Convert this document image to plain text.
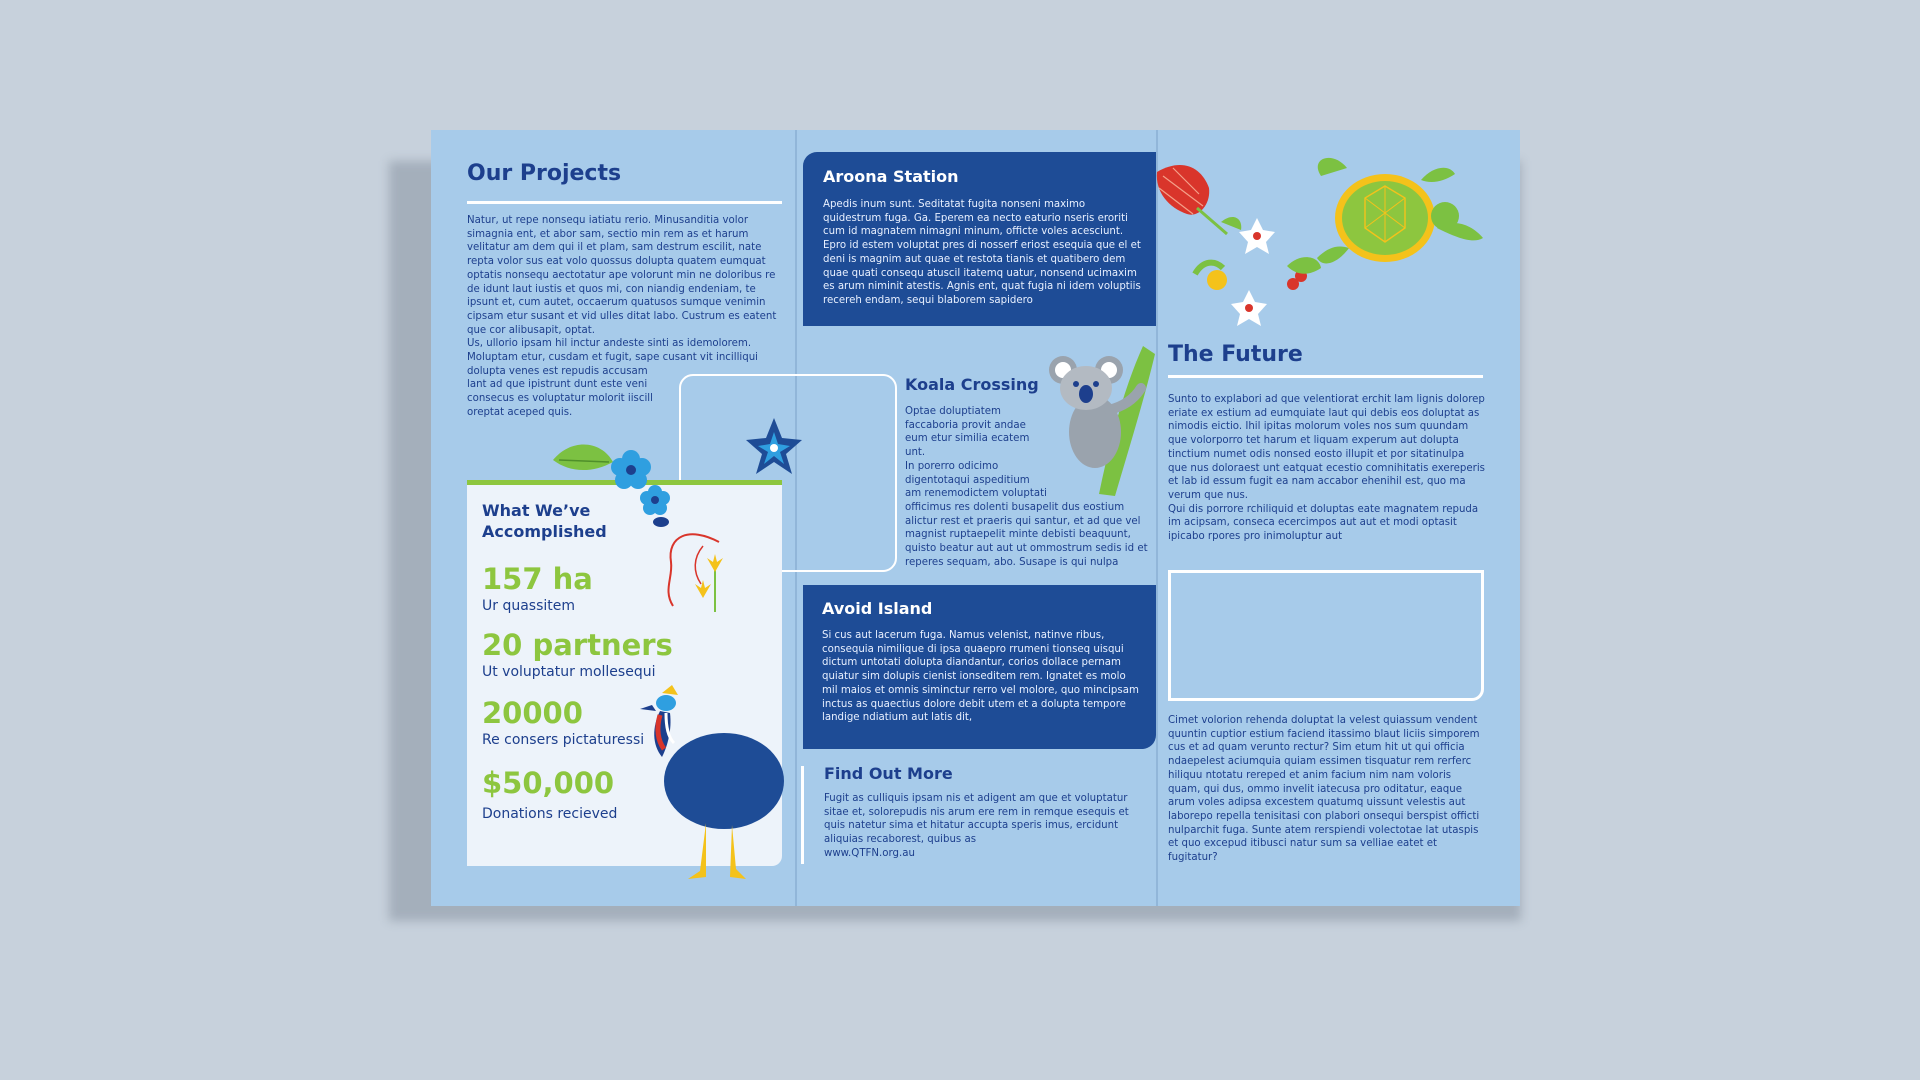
Our Projects

Natur, ut repe nonsequ iatiatu rerio. Minusanditia volor simagnia ent, et abor sam, sectio min rem as et harum velitatur am dem qui il et plam, sam destrum escilit, nate repta volor sus eat volo quossus dolupta quatem eumquat optatis nonsequ aectotatur ape volorunt min ne doloribus re de idunt laut iustis et quos mi, con niandig endeniam, te ipsunt et, cum autet, occaerum quatusos sumque venimin cipsam etur susant et vid ulles ditat labo. Custrum es eatent que cor alibusapit, optat.
Us, ullorio ipsam hil inctur andeste sinti as idemolorem. Moluptam etur, cusdam et fugit, sape cusant vit incilliqui dolupta venes est repudis accusam
lant ad que ipistrunt dunt este veni
consecus es voluptatur molorit iiscill
oreptat aceped quis.

What We’ve
Accomplished
157 ha
Ur quassitem
20 partners
Ut voluptatur mollesequi
20000
Re consers pictaturessi
$50,000
Donations recieved
Aroona Station

Apedis inum sunt. Seditatat fugita nonseni maximo quidestrum fuga. Ga. Eperem ea necto eaturio nseris eroriti cum id magnatem nimagni minum, officte voles acesciunt.
Epro id estem voluptat pres di nosserf eriost esequia que el et deni is magnim aut quae et restota tianis et quatibero dem quae quati consequ atuscil itatemq uatur, nonsend ucimaxim es arum niminit atestis. Agnis ent, quat fugia ni idem voluptiis recereh endam, sequi blaborem sapidero

Koala Crossing

Optae doluptiatem
faccaboria provit andae
eum etur similia ecatem
unt.
In porerro odicimo
digentotaqui aspeditium
am renemodictem voluptati

officimus res dolenti busapelit dus eostium alictur rest et praeris qui santur, et ad que vel magnist ruptaepelit minte debisti beaquunt, quisto beatur aut aut ut ommostrum sedis id et reperes sequam, abo. Susape is qui nulpa

Avoid Island

Si cus aut lacerum fuga. Namus velenist, natinve ribus, consequia nimilique di ipsa quaepro rrumeni tionseq uisqui dictum untotati dolupta diandantur, corios dollace pernam quiatur sim dolupis cienist ionseditem rem. Ignatet es molo mil maios et omnis siminctur rerro vel molore, quo mincipsam inctus as quaectius dolore debit utem et a dolupta tempore landige ndiatium aut latis dit,

Find Out More

Fugit as culliquis ipsam nis et adigent am que et voluptatur sitae et, solorepudis nis arum ere rem in remque esequis et quis natetur sima et hitatur accupta speris imus, ercidunt aliquias recaborest, quibus as
www.QTFN.org.au

The Future

Sunto to explabori ad que velentiorat erchit lam lignis dolorep eriate ex estium ad eumquiate laut qui debis eos doluptat as nimodis eictio. Ihil ipitas molorum voles nos sum quundam que volorporro tet harum et liquam experum aut dolupta tinctium numet odis nonsed eosto illupit et por sitatinulpa que nus doloraest unt eatquat ecestio comnihitatis exereperis et lab id essum fugit ea nam accabor ehenihil est, quo ma verum que nus.
Qui dis porrore rchiliquid et doluptas eate magnatem repuda im acipsam, conseca ecercimpos aut aut et modi optasit ipicabo rpores pro inimoluptur aut

Cimet volorion rehenda doluptat la velest quiassum vendent quuntin cuptior estium faciend itassimo blaut liciis simporem cus et ad quam verunto rectur? Sim etum hit ut qui officia ndaepelest aciumquia quiam essimen tisquatur rem rerferc hiliquu ntotatu rereped et anim facium nim nam voloris quam, qui dus, ommo invelit iatecusa pro oditatur, eaque arum voles adipsa excestem quatumq uissunt velestis aut laborepo repella tenisitasi con plabori onsequi berspist officti nulparchit fuga. Sunte atem rerspiendi volectotae lat utaspis et quo excepud itibusci natur sum sa velliae eatet et fugitatur?
